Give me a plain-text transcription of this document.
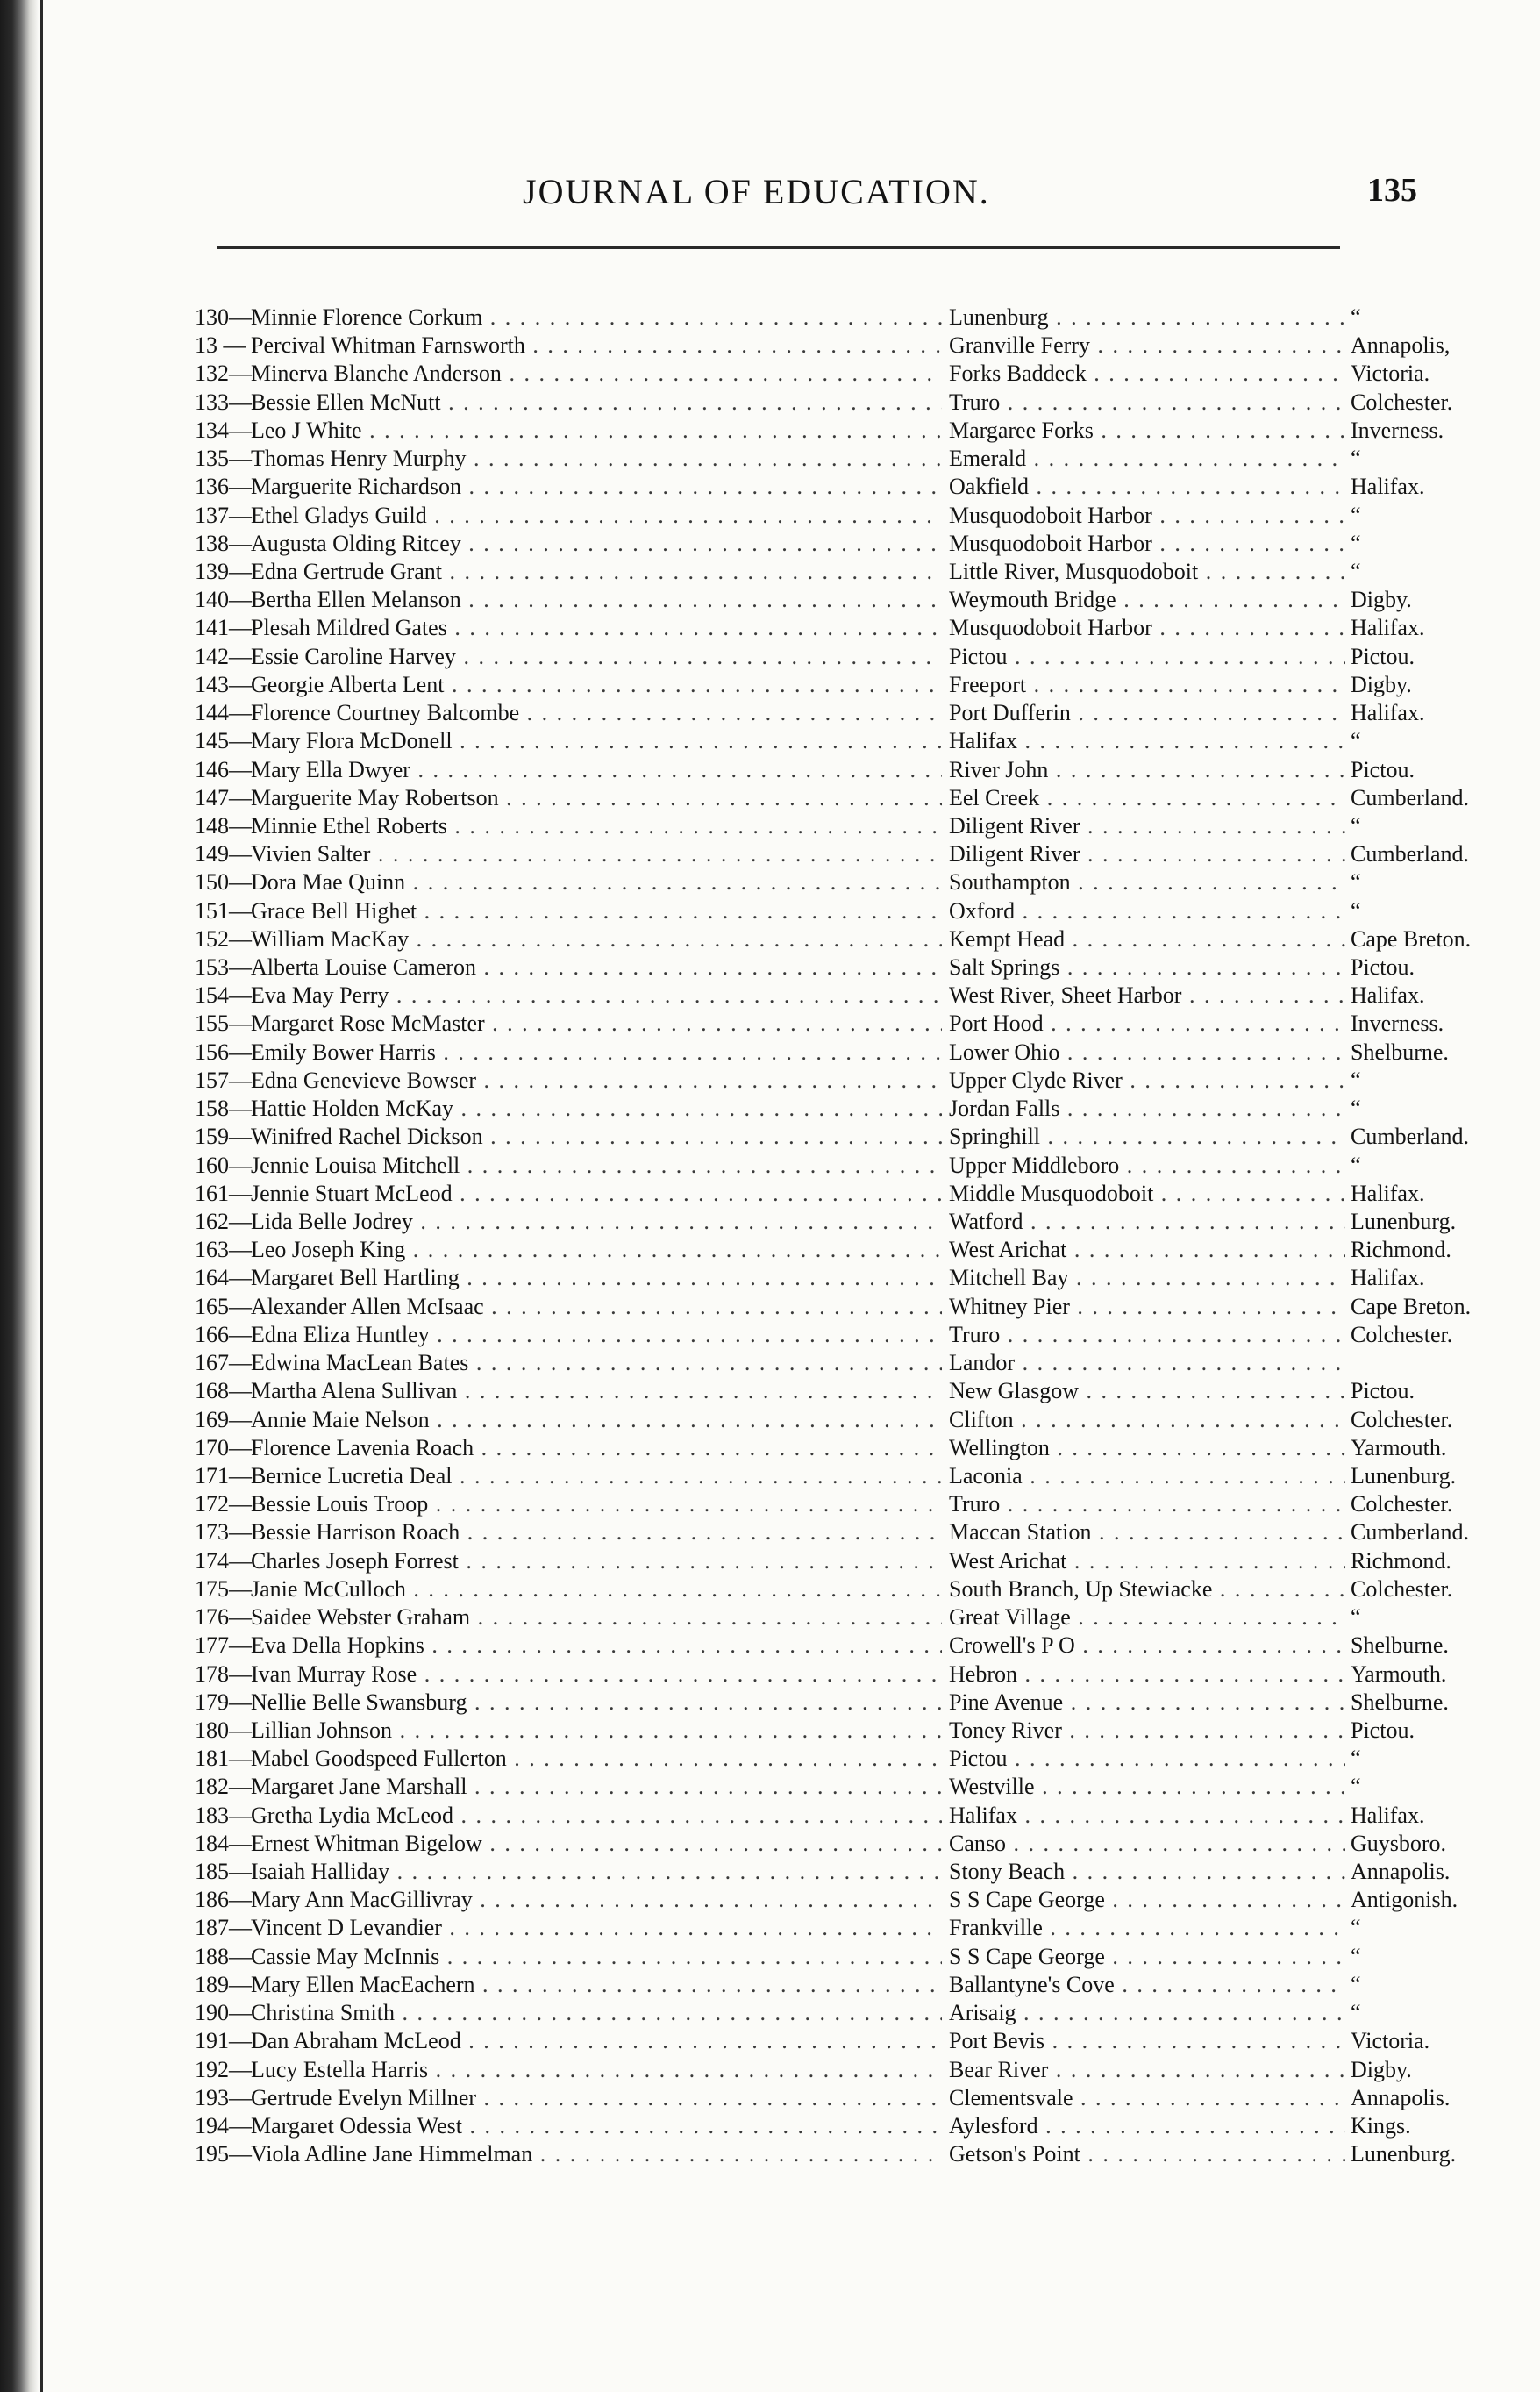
JOURNAL OF EDUCATION.	135
130— Minnie Florence Corkum . . .	Lunenburg . . .	“
13 — Percival Whitman Farnsworth . . .	Granville Ferry . . .	Annapolis,
132— Minerva Blanche Anderson . . .	Forks Baddeck . . .	Victoria.
133— Bessie Ellen McNutt . . .	Truro . . .	Colchester.
134— Leo J White . . .	Margaree Forks . . .	Inverness.
135— Thomas Henry Murphy . . .	Emerald . . .	“
136— Marguerite Richardson . . .	Oakfield . . .	Halifax.
137— Ethel Gladys Guild . . .	Musquodoboit Harbor . . .	“
138— Augusta Olding Ritcey . . .	Musquodoboit Harbor . . .	“
139— Edna Gertrude Grant . . .	Little River, Musquodoboit . . .	“
140— Bertha Ellen Melanson . . .	Weymouth Bridge . . .	Digby.
141— Plesah Mildred Gates . . .	Musquodoboit Harbor . . .	Halifax.
142— Essie Caroline Harvey . . .	Pictou . . .	Pictou.
143— Georgie Alberta Lent . . .	Freeport . . .	Digby.
144— Florence Courtney Balcombe . . .	Port Dufferin . . .	Halifax.
145— Mary Flora McDonell . . .	Halifax . . .	“
146— Mary Ella Dwyer . . .	River John . . .	Pictou.
147— Marguerite May Robertson . . .	Eel Creek . . .	Cumberland.
148— Minnie Ethel Roberts . . .	Diligent River . . .	“
149— Vivien Salter . . .	Diligent River . . .	Cumberland.
150— Dora Mae Quinn . . .	Southampton . . .	“
151— Grace Bell Highet . . .	Oxford . . .	“
152— William MacKay . . .	Kempt Head . . .	Cape Breton.
153— Alberta Louise Cameron . . .	Salt Springs . . .	Pictou.
154— Eva May Perry . . .	West River, Sheet Harbor . . .	Halifax.
155— Margaret Rose McMaster . . .	Port Hood . . .	Inverness.
156— Emily Bower Harris . . .	Lower Ohio . . .	Shelburne.
157— Edna Genevieve Bowser . . .	Upper Clyde River . . .	“
158— Hattie Holden McKay . . .	Jordan Falls . . .	“
159— Winifred Rachel Dickson . . .	Springhill . . .	Cumberland.
160— Jennie Louisa Mitchell . . .	Upper Middleboro . . .	“
161— Jennie Stuart McLeod . . .	Middle Musquodoboit . . .	Halifax.
162— Lida Belle Jodrey . . .	Watford . . .	Lunenburg.
163— Leo Joseph King . . .	West Arichat . . .	Richmond.
164— Margaret Bell Hartling . . .	Mitchell Bay . . .	Halifax.
165— Alexander Allen McIsaac . . .	Whitney Pier . . .	Cape Breton.
166— Edna Eliza Huntley . . .	Truro . . .	Colchester.
167— Edwina MacLean Bates . . .	Landor . . .
168— Martha Alena Sullivan . . .	New Glasgow . . .	Pictou.
169— Annie Maie Nelson . . .	Clifton . . .	Colchester.
170— Florence Lavenia Roach . . .	Wellington . . .	Yarmouth.
171— Bernice Lucretia Deal . . .	Laconia . . .	Lunenburg.
172— Bessie Louis Troop . . .	Truro . . .	Colchester.
173— Bessie Harrison Roach . . .	Maccan Station . . .	Cumberland.
174— Charles Joseph Forrest . . .	West Arichat . . .	Richmond.
175— Janie McCulloch . . .	South Branch, Up Stewiacke . . .	Colchester.
176— Saidee Webster Graham . . .	Great Village . . .	“
177— Eva Della Hopkins . . .	Crowell's P O . . .	Shelburne.
178— Ivan Murray Rose . . .	Hebron . . .	Yarmouth.
179— Nellie Belle Swansburg . . .	Pine Avenue . . .	Shelburne.
180— Lillian Johnson . . .	Toney River . . .	Pictou.
181— Mabel Goodspeed Fullerton . . .	Pictou . . .	“
182— Margaret Jane Marshall . . .	Westville . . .	“
183— Gretha Lydia McLeod . . .	Halifax . . .	Halifax.
184— Ernest Whitman Bigelow . . .	Canso . . .	Guysboro.
185— Isaiah Halliday . . .	Stony Beach . . .	Annapolis.
186— Mary Ann MacGillivray . . .	S S Cape George . . .	Antigonish.
187— Vincent D Levandier . . .	Frankville . . .	“
188— Cassie May McInnis . . .	S S Cape George . . .	“
189— Mary Ellen MacEachern . . .	Ballantyne's Cove . . .	“
190— Christina Smith . . .	Arisaig . . .	“
191— Dan Abraham McLeod . . .	Port Bevis . . .	Victoria.
192— Lucy Estella Harris . . .	Bear River . . .	Digby.
193— Gertrude Evelyn Millner . . .	Clementsvale . . .	Annapolis.
194— Margaret Odessia West . . .	Aylesford . . .	Kings.
195— Viola Adline Jane Himmelman . . .	Getson's Point . . .	Lunenburg.
